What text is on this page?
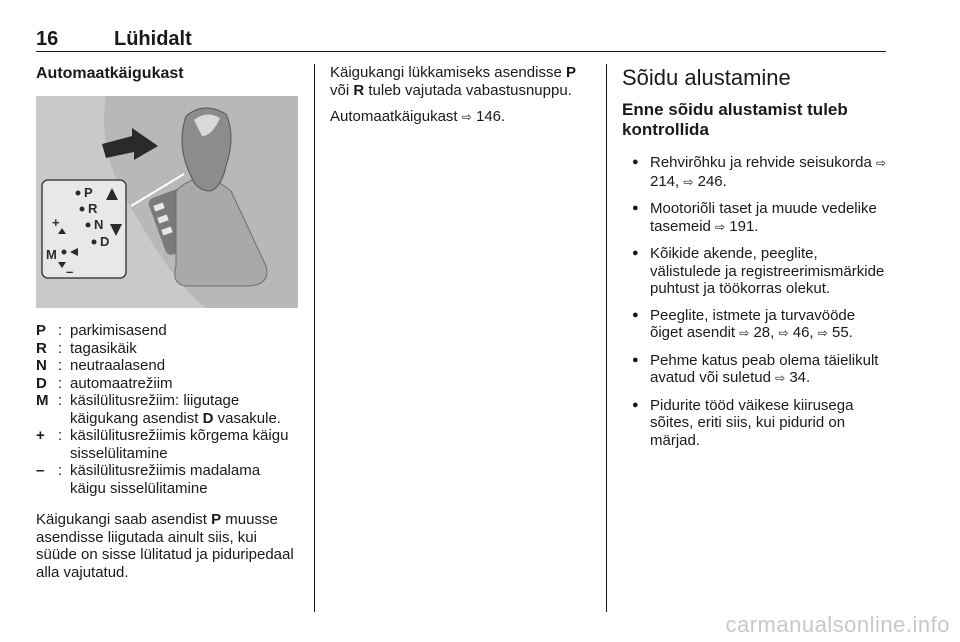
16	Lühidalt
Automaatkäigukast
P
R
N
D
M
+
–
P : parkimisasend
R : tagasikäik
N : neutraalasend
D : automaatrežiim
M : käsilülitusrežiim: liigutage käigukang asendist D vasakule.
+ : käsilülitusrežiimis kõrgema käigu sisselülitamine
– : käsilülitusrežiimis madalama käigu sisselülitamine

Käigukangi saab asendist P muusse asendisse liigutada ainult siis, kui süüde on sisse lülitatud ja piduripedaal alla vajutatud.

Käigukangi lükkamiseks asendisse P või R tuleb vajutada vabastusnuppu.

Automaatkäigukast ⇨ 146.

Sõidu alustamine
Enne sõidu alustamist tuleb kontrollida
● Rehvirõhku ja rehvide seisukorda ⇨ 214, ⇨ 246.
● Mootoriõli taset ja muude vedelike tasemeid ⇨ 191.
● Kõikide akende, peeglite, välistulede ja registreerimismärkide puhtust ja töökorras olekut.
● Peeglite, istmete ja turvavööde õiget asendit ⇨ 28, ⇨ 46, ⇨ 55.
● Pehme katus peab olema täielikult avatud või suletud ⇨ 34.
● Pidurite tööd väikese kiirusega sõites, eriti siis, kui pidurid on märjad.
carmanualsonline.info
